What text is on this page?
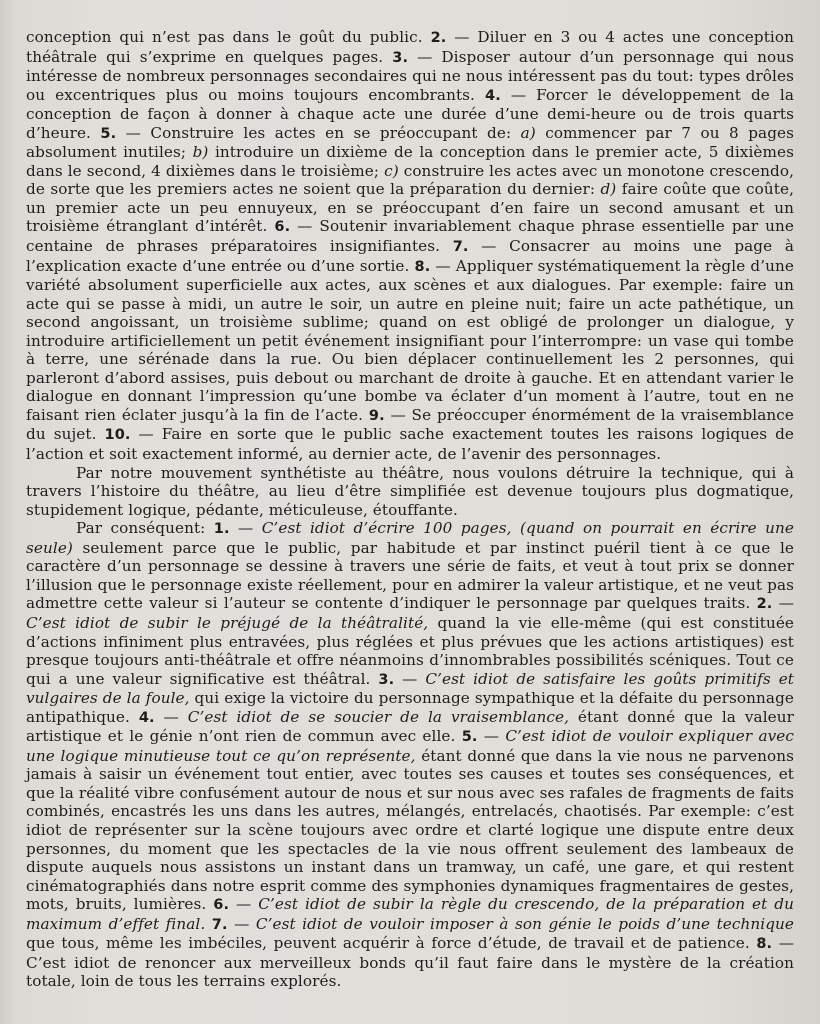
conception qui n’est pas dans le goût du public. 2. — Diluer en 3 ou 4 actes une conception théâtrale qui s’exprime en quelques pages. 3. — Disposer autour d’un personnage qui nous intéresse de nombreux personnages secondaires qui ne nous intéressent pas du tout: types drôles ou excentriques plus ou moins toujours encombrants. 4. — Forcer le développement de la conception de façon à donner à chaque acte une durée d’une demi-heure ou de trois quarts d’heure. 5. — Construire les actes en se préoccupant de: a) commencer par 7 ou 8 pages absolument inutiles; b) introduire un dixième de la conception dans le premier acte, 5 dixièmes dans le second, 4 dixièmes dans le troisième; c) construire les actes avec un monotone crescendo, de sorte que les premiers actes ne soient que la préparation du dernier: d) faire coûte que coûte, un premier acte un peu ennuyeux, en se préoccupant d’en faire un second amusant et un troisième étranglant d’intérêt. 6. — Soutenir invariablement chaque phrase essentielle par une centaine de phrases préparatoires insignifiantes. 7. — Consacrer au moins une page à l’explication exacte d’une entrée ou d’une sortie. 8. — Appliquer systématiquement la règle d’une variété absolument superficielle aux actes, aux scènes et aux dialogues. Par exemple: faire un acte qui se passe à midi, un autre le soir, un autre en pleine nuit; faire un acte pathétique, un second angoissant, un troisième sublime; quand on est obligé de prolonger un dialogue, y introduire artificiellement un petit événement insignifiant pour l’interrompre: un vase qui tombe à terre, une sérénade dans la rue. Ou bien déplacer continuellement les 2 personnes, qui parleront d’abord assises, puis debout ou marchant de droite à gauche. Et en attendant varier le dialogue en donnant l’impression qu’une bombe va éclater d’un moment à l’autre, tout en ne faisant rien éclater jusqu’à la fin de l’acte. 9. — Se préoccuper énormément de la vraisemblance du sujet. 10. — Faire en sorte que le public sache exactement toutes les raisons logiques de l’action et soit exactement informé, au dernier acte, de l’avenir des personnages.

Par notre mouvement synthétiste au théâtre, nous voulons détruire la technique, qui à travers l’histoire du théâtre, au lieu d’être simplifiée est devenue toujours plus dogmatique, stupidement logique, pédante, méticuleuse, étouffante.

Par conséquent: 1. — C’est idiot d’écrire 100 pages, (quand on pourrait en écrire une seule) seulement parce que le public, par habitude et par instinct puéril tient à ce que le caractère d’un personnage se dessine à travers une série de faits, et veut à tout prix se donner l’illusion que le personnage existe réellement, pour en admirer la valeur artistique, et ne veut pas admettre cette valeur si l’auteur se contente d’indiquer le personnage par quelques traits. 2. — C’est idiot de subir le préjugé de la théâtralité, quand la vie elle-même (qui est constituée d’actions infiniment plus entravées, plus réglées et plus prévues que les actions artistiques) est presque toujours anti-théâtrale et offre néanmoins d’innombrables possibilités scéniques. Tout ce qui a une valeur significative est théâtral. 3. — C’est idiot de satisfaire les goûts primitifs et vulgaires de la foule, qui exige la victoire du personnage sympathique et la défaite du personnage antipathique. 4. — C’est idiot de se soucier de la vraisemblance, étant donné que la valeur artistique et le génie n’ont rien de commun avec elle. 5. — C’est idiot de vouloir expliquer avec une logique minutieuse tout ce qu’on représente, étant donné que dans la vie nous ne parvenons jamais à saisir un événement tout entier, avec toutes ses causes et toutes ses conséquences, et que la réalité vibre confusément autour de nous et sur nous avec ses rafales de fragments de faits combinés, encastrés les uns dans les autres, mélangés, entrelacés, chaotisés. Par exemple: c’est idiot de représenter sur la scène toujours avec ordre et clarté logique une dispute entre deux personnes, du moment que les spectacles de la vie nous offrent seulement des lambeaux de dispute auquels nous assistons un instant dans un tramway, un café, une gare, et qui restent cinématographiés dans notre esprit comme des symphonies dynamiques fragmentaires de gestes, mots, bruits, lumières. 6. — C’est idiot de subir la règle du crescendo, de la préparation et du maximum d’effet final. 7. — C’est idiot de vouloir imposer à son génie le poids d’une technique que tous, même les imbéciles, peuvent acquérir à force d’étude, de travail et de patience. 8. — C’est idiot de renoncer aux merveilleux bonds qu’il faut faire dans le mystère de la création totale, loin de tous les terrains explorés.
